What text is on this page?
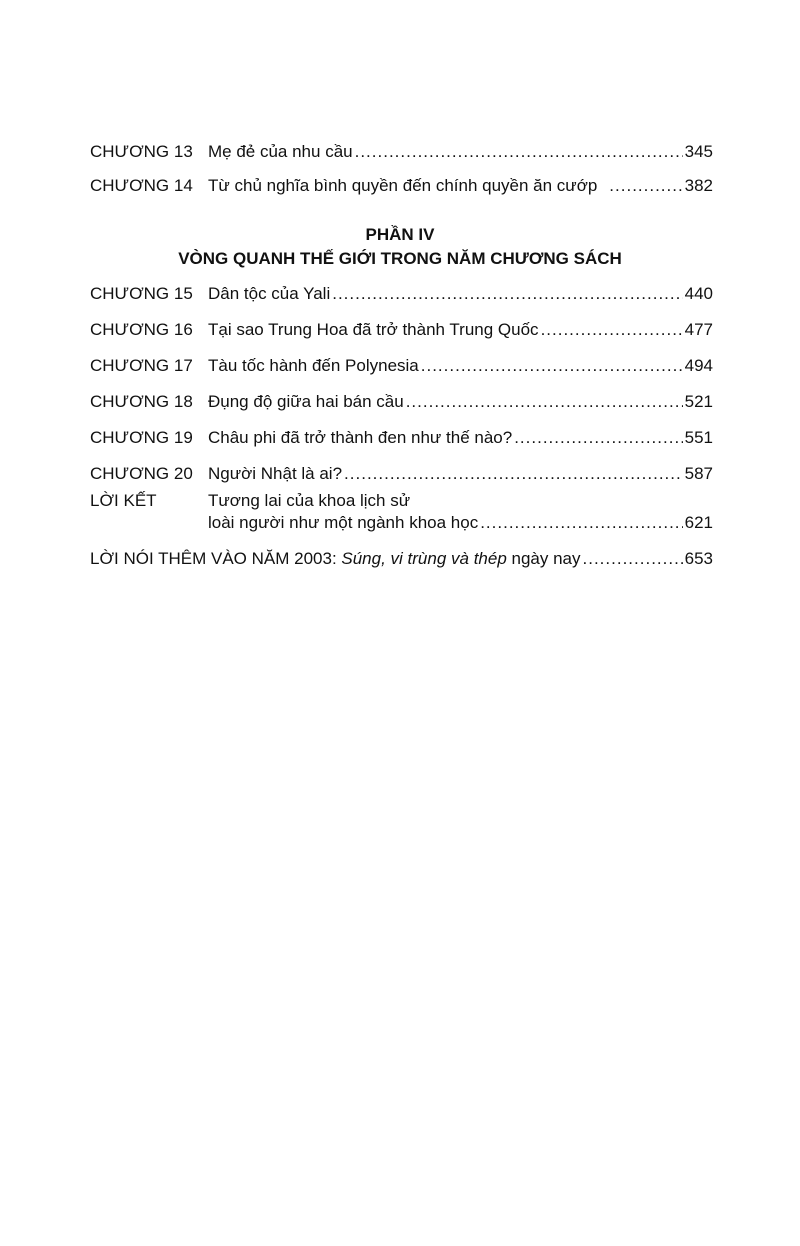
CHƯƠNG 13 Mẹ đẻ của nhu cầu .....	345
CHƯƠNG 14 Từ chủ nghĩa bình quyền đến chính quyền ăn cướp .....	382
PHẦN IV
VÒNG QUANH THẾ GIỚI TRONG NĂM CHƯƠNG SÁCH
CHƯƠNG 15 Dân tộc của Yali .....	440
CHƯƠNG 16 Tại sao Trung Hoa đã trở thành Trung Quốc .....	477
CHƯƠNG 17 Tàu tốc hành đến Polynesia .....	494
CHƯƠNG 18 Đụng độ giữa hai bán cầu .....	521
CHƯƠNG 19 Châu phi đã trở thành đen như thế nào? .....	551
CHƯƠNG 20 Người Nhật là ai? .....	587
LỜI KẾT	Tương lai của khoa lịch sử
loài người như một ngành khoa học .....	621
LỜI NÓI THÊM VÀO NĂM 2003: Súng, vi trùng và thép ngày nay .....	653
